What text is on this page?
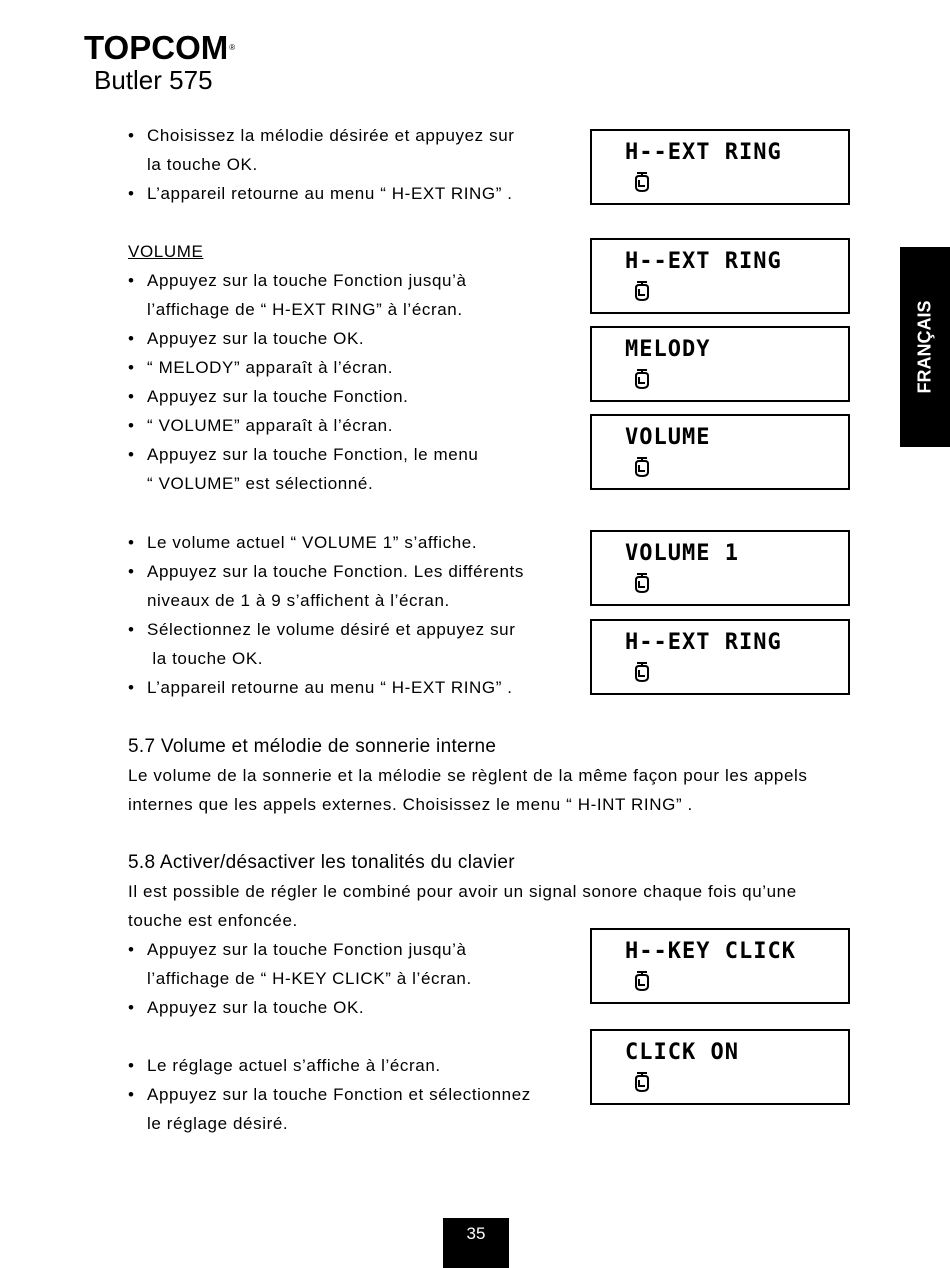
TOPCOM®
Butler 575
FRANÇAIS
• Choisissez la mélodie désirée et appuyez sur
la touche OK.
• L’appareil retourne au menu “ H-EXT RING” .
VOLUME
• Appuyez sur la touche Fonction jusqu’à
l’affichage de “ H-EXT RING” à l’écran.
• Appuyez sur la touche OK.
• “ MELODY” apparaît à l’écran.
• Appuyez sur la touche Fonction.
• “ VOLUME” apparaît à l’écran.
• Appuyez sur la touche Fonction, le menu
“ VOLUME” est sélectionné.
• Le volume actuel “ VOLUME 1” s’affiche.
• Appuyez sur la touche Fonction. Les différents
niveaux de 1 à 9 s’affichent à l’écran.
• Sélectionnez le volume désiré et appuyez sur
la touche OK.
• L’appareil retourne au menu “ H-EXT RING” .
5.7 Volume et mélodie de sonnerie interne
Le volume de la sonnerie et la mélodie se règlent de la même façon pour les appels
internes que les appels externes. Choisissez le menu “ H-INT RING” .
5.8 Activer/désactiver les tonalités du clavier
Il est possible de régler le combiné pour avoir un signal sonore chaque fois qu’une
touche est enfoncée.
• Appuyez sur la touche Fonction jusqu’à
l’affichage de “ H-KEY CLICK” à l’écran.
• Appuyez sur la touche OK.
• Le réglage actuel s’affiche à l’écran.
• Appuyez sur la touche Fonction et sélectionnez
le réglage désiré.
H--EXT RING
H--EXT RING
MELODY
VOLUME
VOLUME 1
H--EXT RING
H--KEY CLICK
CLICK ON
35
